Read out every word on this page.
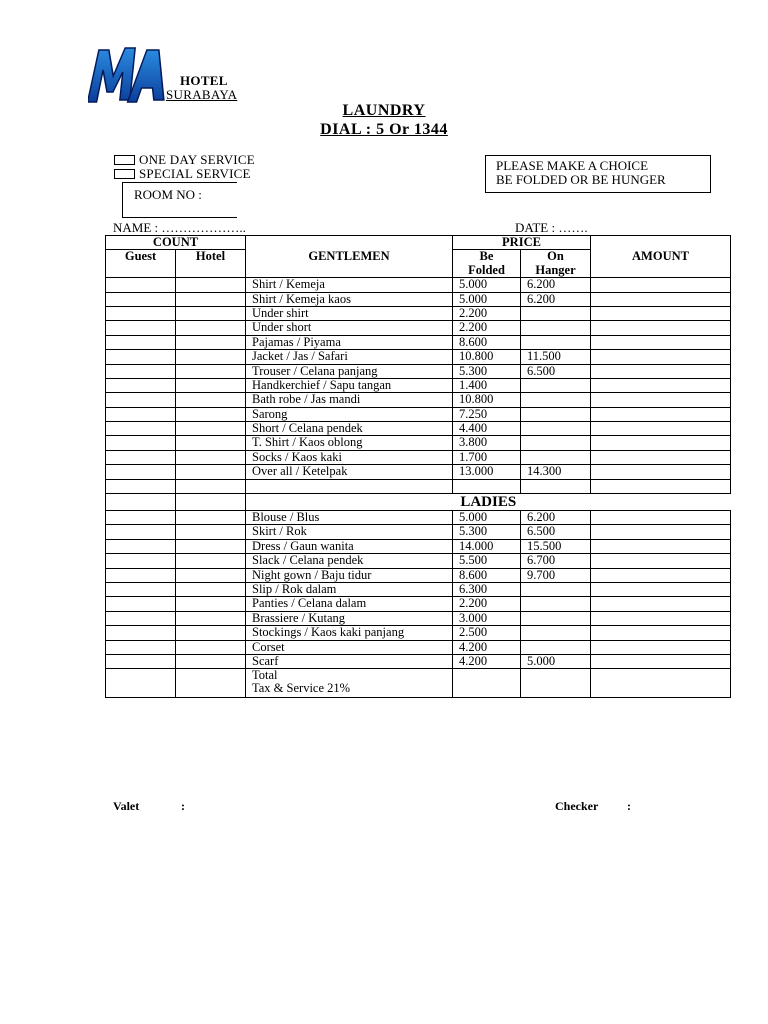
HOTEL
SURABAYA
LAUNDRY
DIAL : 5 Or 1344
ONE DAY SERVICE
SPECIAL SERVICE
ROOM NO :
PLEASE MAKE A CHOICE
BE FOLDED OR BE HUNGER
NAME : ………………..	DATE : …….
COUNT		GENTLEMEN	PRICE		AMOUNT
Guest	Hotel		Be	On	
			Folded	Hanger	
		Shirt / Kemeja	5.000	6.200	
		Shirt / Kemeja kaos	5.000	6.200	
		Under shirt	2.200		
		Under short	2.200		
		Pajamas / Piyama	8.600		
		Jacket / Jas / Safari	10.800	11.500	
		Trouser / Celana panjang	5.300	6.500	
		Handkerchief / Sapu tangan	1.400		
		Bath robe / Jas mandi	10.800		
		Sarong	7.250		
		Short / Celana pendek	4.400		
		T. Shirt / Kaos oblong	3.800		
		Socks / Kaos kaki	1.700		
		Over all / Ketelpak	13.000	14.300	

		LADIES			
		Blouse / Blus	5.000	6.200	
		Skirt / Rok	5.300	6.500	
		Dress / Gaun wanita	14.000	15.500	
		Slack / Celana pendek	5.500	6.700	
		Night gown / Baju tidur	8.600	9.700	
		Slip / Rok dalam	6.300		
		Panties / Celana dalam	2.200		
		Brassiere / Kutang	3.000		
		Stockings / Kaos kaki panjang	2.500		
		Corset	4.200		
		Scarf	4.200	5.000	

		Total
Tax & Service 21%			

Valet	:	Checker :
